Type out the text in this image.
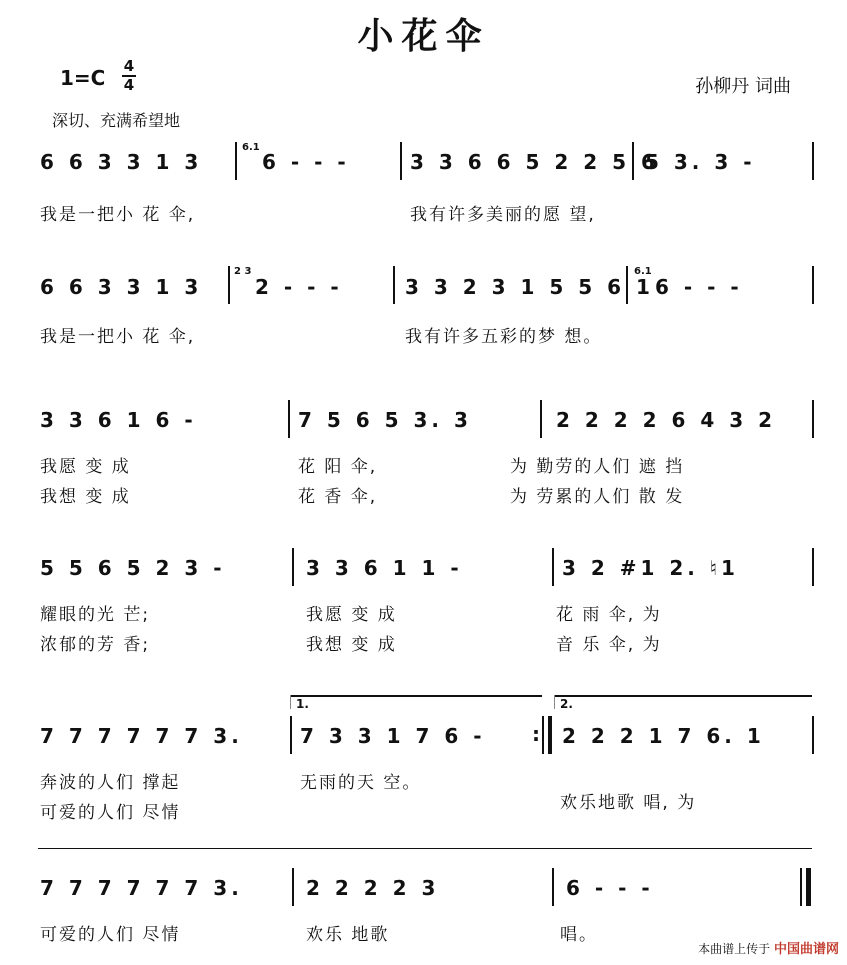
小花伞
1=C 4
4	孙柳丹 词曲
深切、充满希望地
6 6 3 3 1 3
6.1
6 - - -	3 3 6 6 5 2 2 5 6
5 3. 3 -
我是一把小 花 伞,	我有许多美丽的愿 望,
6 6 3 3 1 3
2 3
2 - - -	3 3 2 3 1 5 5 6 1
6.1
6 - - -
我是一把小 花 伞,	我有许多五彩的梦 想。
3 3 6 1 6 -	7 5 6 5 3. 3	2 2 2 2 6 4 3 2
我愿 变 成	花 阳 伞,	为 勤劳的人们 遮 挡
我想 变 成	花 香 伞,	为 劳累的人们 散 发
5 5 6 5 2 3 -	3 3 6 1 1 -	3 2 #1 2. ♮1
耀眼的光 芒;	我愿 变 成	花 雨 伞, 为
浓郁的芳 香;	我想 变 成	音 乐 伞, 为
1.	2.
7 7 7 7 7 7 3.	7 3 3 1 7 6 - : 2 2 2 1 7 6. 1
奔波的人们 撑起	无雨的天 空。
可爱的人们 尽情	欢乐地歌 唱, 为
7 7 7 7 7 7 3.	2 2 2 2 3	6 - - -
可爱的人们 尽情	欢乐 地歌	唱。
本曲谱上传于 中国曲谱网
